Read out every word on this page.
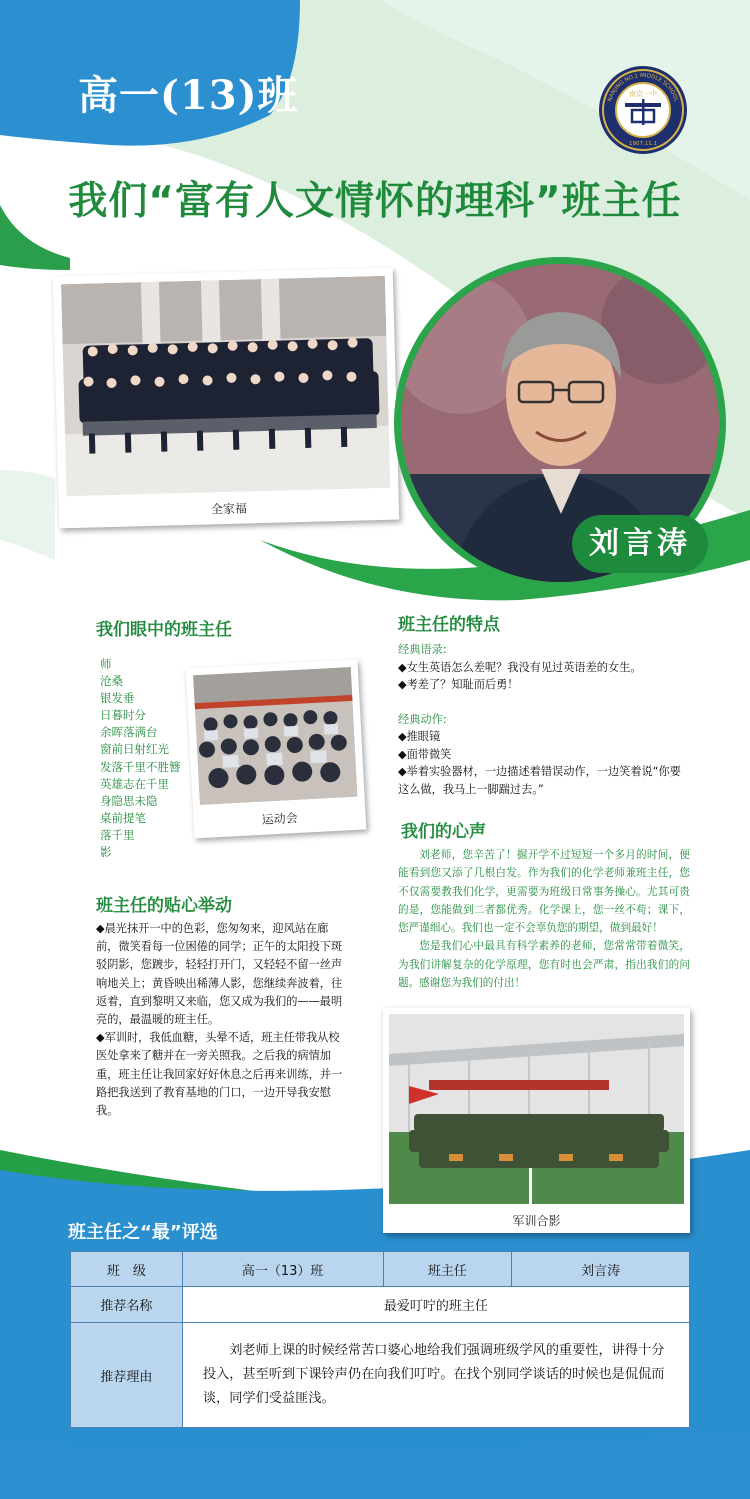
高一(13)班	南京一中
NANJING NO.1 MIDDLE SCHOOL
1907.11.1
我们“富有人文情怀的理科”班主任
全家福
刘言涛
我们眼中的班主任
师
沧桑
银发垂
日暮时分
余晖落满台
窗前日射红光
发落千里不胜簪
英雄志在千里
身隐思未隐
桌前提笔
落千里
影
运动会
班主任的贴心举动

◆晨光抹开一中的色彩，您匆匆来，迎风站在廊前，微笑看每一位困倦的同学；正午的太阳投下斑驳阴影，您踱步，轻轻打开门，又轻轻不留一丝声响地关上；黄昏映出稀薄人影，您继续奔波着，往返着，直到黎明又来临，您又成为我们的——最明亮的，最温暖的班主任。

◆军训时，我低血糖，头晕不适，班主任带我从校医处拿来了糖并在一旁关照我。之后我的病情加重，班主任让我回家好好休息之后再来训练，并一路把我送到了教育基地的门口，一边开导我安慰我。

班主任的特点

经典语录:

◆女生英语怎么差呢？我没有见过英语差的女生。

◆考差了？知耻而后勇！

经典动作:

◆推眼镜

◆面带微笑

◆举着实验器材，一边描述着错误动作，一边笑着说“你要这么做，我马上一脚踹过去。”

我们的心声

刘老师，您辛苦了！掘开学不过短短一个多月的时间，便能看到您又添了几根白发。作为我们的化学老师兼班主任，您不仅需要教我们化学，更需要为班级日常事务操心。尤其可贵的是，您能做到二者都优秀。化学课上，您一丝不苟；课下，您严谨细心。我们也一定不会辜负您的期望，做到最好！

您是我们心中最具有科学素养的老师，您常常带着微笑，为我们讲解复杂的化学原理，您有时也会严肃，指出我们的问题。感谢您为我们的付出！

军训合影
班主任之“最”评选
班　级	高一（13）班	班主任	刘言涛
推荐名称	最爱叮咛的班主任		
推荐理由	刘老师上课的时候经常苦口婆心地给我们强调班级学风的重要性，讲得十分投入，甚至听到下课铃声仍在向我们叮咛。在找个别同学谈话的时候也是侃侃而谈，同学们受益匪浅。		
